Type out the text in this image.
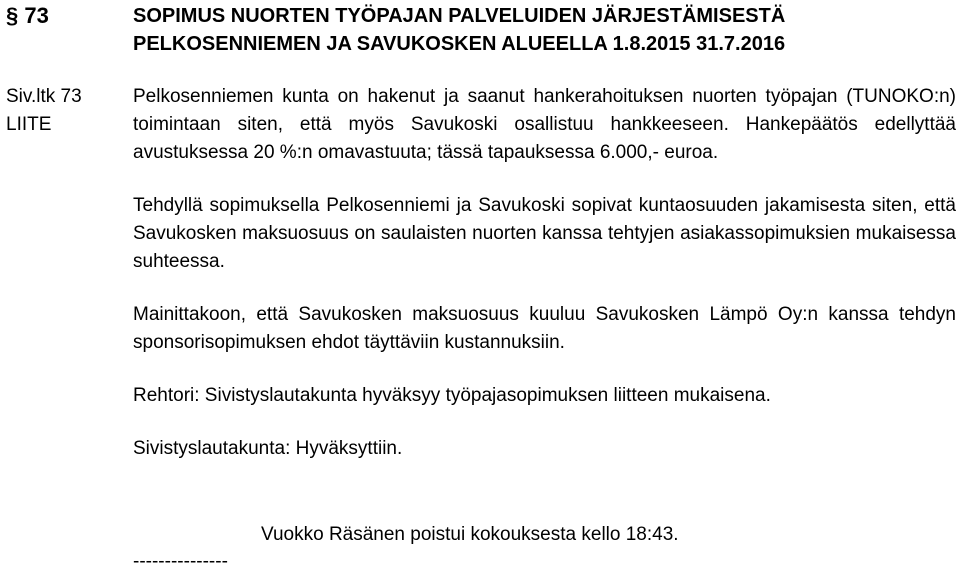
§ 73	SOPIMUS NUORTEN TYÖPAJAN PALVELUIDEN JÄRJESTÄMISESTÄ PELKOSENNIEMEN JA SAVUKOSKEN ALUEELLA 1.8.2015 31.7.2016
Siv.ltk 73
LIITE

Pelkosenniemen kunta on hakenut ja saanut hankerahoituksen nuorten työpajan (TUNOKO:n) toimintaan siten, että myös Savukoski osallistuu hankkeeseen. Hankepäätös edellyttää avustuksessa 20 %:n omavastuuta; tässä tapauksessa 6.000,- euroa.

Tehdyllä sopimuksella Pelkosenniemi ja Savukoski sopivat kuntaosuuden jakamisesta siten, että Savukosken maksuosuus on saulaisten nuorten kanssa tehtyjen asiakassopimuksien mukaisessa suhteessa.

Mainittakoon, että Savukosken maksuosuus kuuluu Savukosken Lämpö Oy:n kanssa tehdyn sponsorisopimuksen ehdot täyttäviin kustannuksiin.

Rehtori: Sivistyslautakunta hyväksyy työpajasopimuksen liitteen mukaisena.

Sivistyslautakunta: Hyväksyttiin.

Vuokko Räsänen poistui kokouksesta kello 18:43.
---------------
